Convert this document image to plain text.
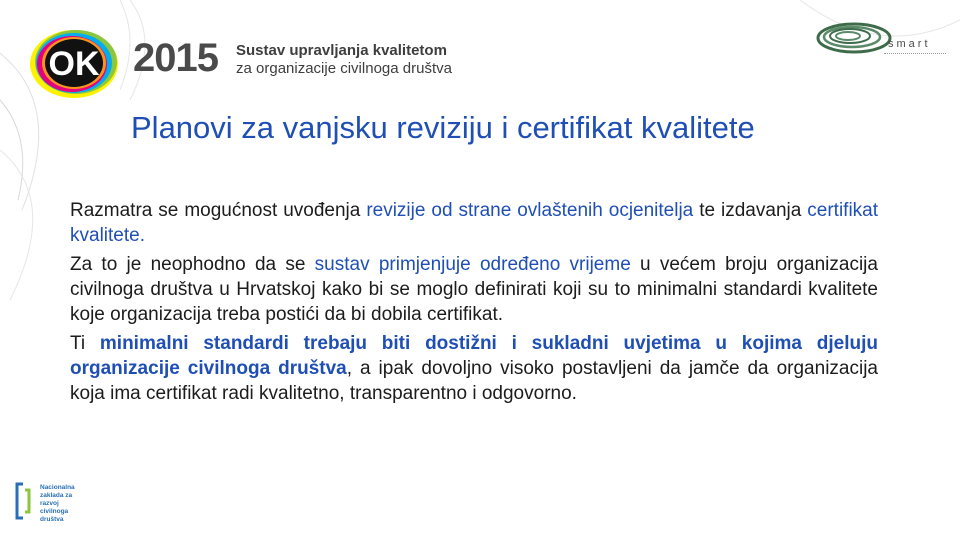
OK 2015 Sustav upravljanja kvalitetom
za organizacije civilnoga društva
smart
Planovi za vanjsku reviziju i certifikat kvalitete

Razmatra se mogućnost uvođenja revizije od strane ovlaštenih ocjenitelja te izdavanja certifikat kvalitete.

Za to je neophodno da se sustav primjenjuje određeno vrijeme u većem broju organizacija civilnoga društva u Hrvatskoj kako bi se moglo definirati koji su to minimalni standardi kvalitete koje organizacija treba postići da bi dobila certifikat.

Ti minimalni standardi trebaju biti dostižni i sukladni uvjetima u kojima djeluju organizacije civilnoga društva, a ipak dovoljno visoko postavljeni da jamče da organizacija koja ima certifikat radi kvalitetno, transparentno i odgovorno.

Nacionalna
zaklada za
razvoj
civilnoga
društva
